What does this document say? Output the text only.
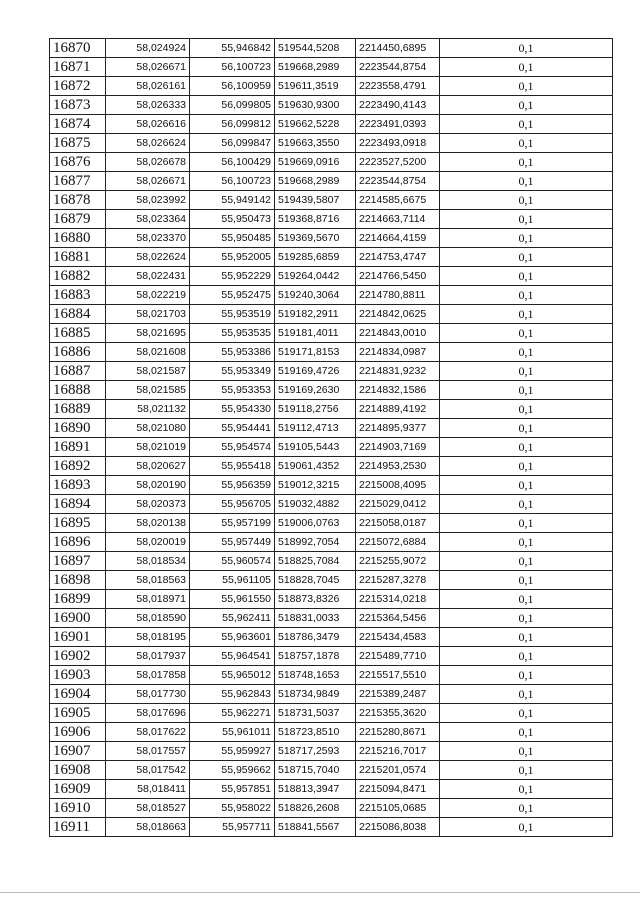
16870	58,024924	55,946842	519544,5208	2214450,6895	0,1
16871	58,026671	56,100723	519668,2989	2223544,8754	0,1
16872	58,026161	56,100959	519611,3519	2223558,4791	0,1
16873	58,026333	56,099805	519630,9300	2223490,4143	0,1
16874	58,026616	56,099812	519662,5228	2223491,0393	0,1
16875	58,026624	56,099847	519663,3550	2223493,0918	0,1
16876	58,026678	56,100429	519669,0916	2223527,5200	0,1
16877	58,026671	56,100723	519668,2989	2223544,8754	0,1
16878	58,023992	55,949142	519439,5807	2214585,6675	0,1
16879	58,023364	55,950473	519368,8716	2214663,7114	0,1
16880	58,023370	55,950485	519369,5670	2214664,4159	0,1
16881	58,022624	55,952005	519285,6859	2214753,4747	0,1
16882	58,022431	55,952229	519264,0442	2214766,5450	0,1
16883	58,022219	55,952475	519240,3064	2214780,8811	0,1
16884	58,021703	55,953519	519182,2911	2214842,0625	0,1
16885	58,021695	55,953535	519181,4011	2214843,0010	0,1
16886	58,021608	55,953386	519171,8153	2214834,0987	0,1
16887	58,021587	55,953349	519169,4726	2214831,9232	0,1
16888	58,021585	55,953353	519169,2630	2214832,1586	0,1
16889	58,021132	55,954330	519118,2756	2214889,4192	0,1
16890	58,021080	55,954441	519112,4713	2214895,9377	0,1
16891	58,021019	55,954574	519105,5443	2214903,7169	0,1
16892	58,020627	55,955418	519061,4352	2214953,2530	0,1
16893	58,020190	55,956359	519012,3215	2215008,4095	0,1
16894	58,020373	55,956705	519032,4882	2215029,0412	0,1
16895	58,020138	55,957199	519006,0763	2215058,0187	0,1
16896	58,020019	55,957449	518992,7054	2215072,6884	0,1
16897	58,018534	55,960574	518825,7084	2215255,9072	0,1
16898	58,018563	55,961105	518828,7045	2215287,3278	0,1
16899	58,018971	55,961550	518873,8326	2215314,0218	0,1
16900	58,018590	55,962411	518831,0033	2215364,5456	0,1
16901	58,018195	55,963601	518786,3479	2215434,4583	0,1
16902	58,017937	55,964541	518757,1878	2215489,7710	0,1
16903	58,017858	55,965012	518748,1653	2215517,5510	0,1
16904	58,017730	55,962843	518734,9849	2215389,2487	0,1
16905	58,017696	55,962271	518731,5037	2215355,3620	0,1
16906	58,017622	55,961011	518723,8510	2215280,8671	0,1
16907	58,017557	55,959927	518717,2593	2215216,7017	0,1
16908	58,017542	55,959662	518715,7040	2215201,0574	0,1
16909	58,018411	55,957851	518813,3947	2215094,8471	0,1
16910	58,018527	55,958022	518826,2608	2215105,0685	0,1
16911	58,018663	55,957711	518841,5567	2215086,8038	0,1
